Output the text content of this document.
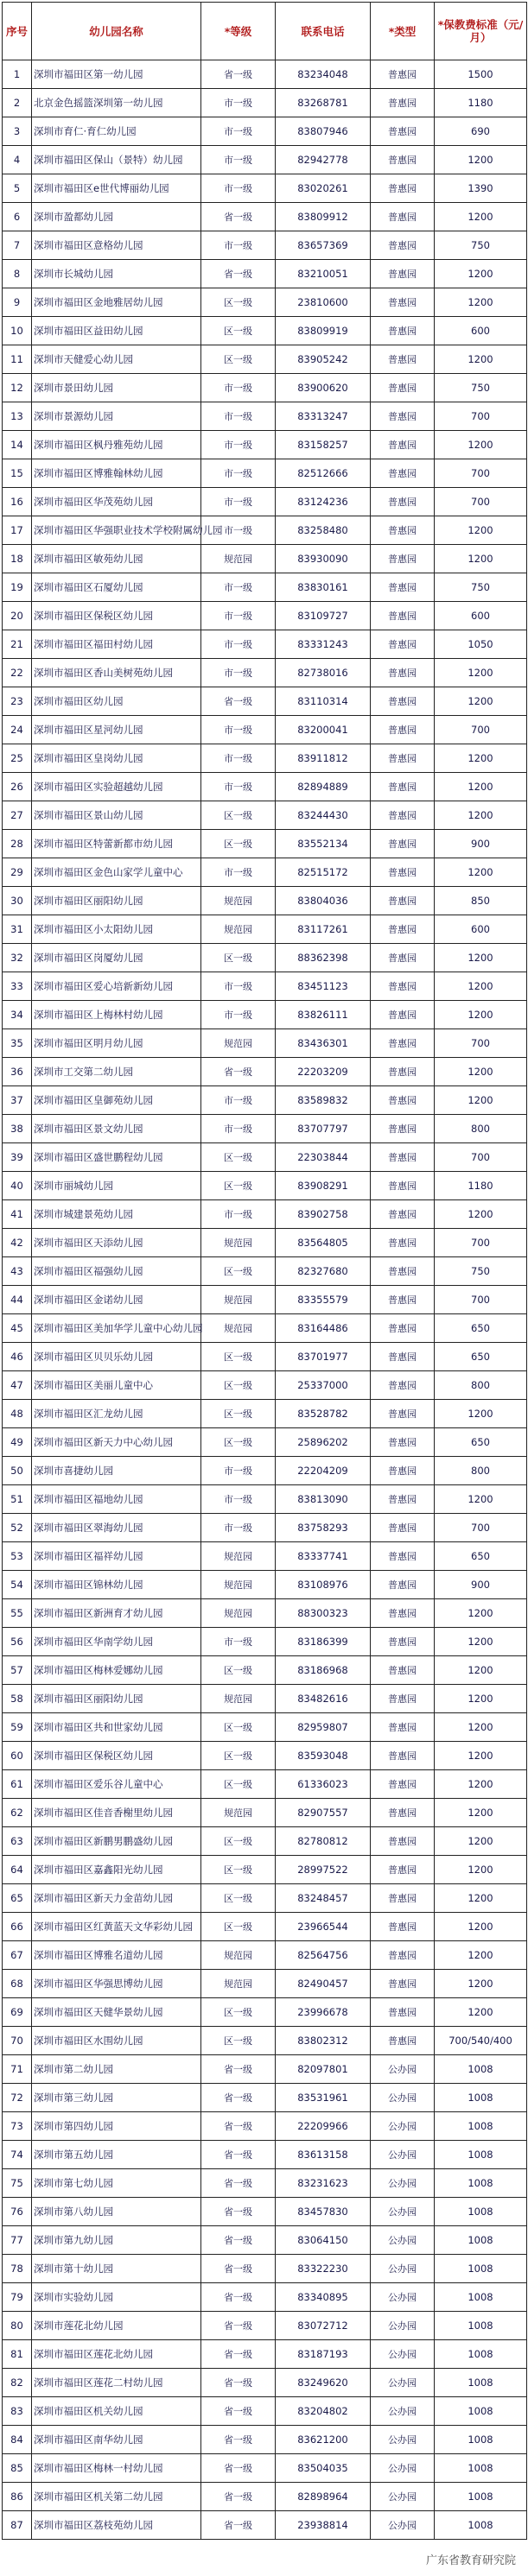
序号	幼儿园名称	*等级	联系电话	*类型	*保教费标准（元/月）
1	深圳市福田区第一幼儿园	省一级	83234048	普惠园	1500
2	北京金色摇篮深圳第一幼儿园	市一级	83268781	普惠园	1180
3	深圳市育仁·育仁幼儿园	市一级	83807946	普惠园	690
4	深圳市福田区保山（景特）幼儿园	市一级	82942778	普惠园	1200
5	深圳市福田区e世代博丽幼儿园	市一级	83020261	普惠园	1390
6	深圳市盈都幼儿园	省一级	83809912	普惠园	1200
7	深圳市福田区意格幼儿园	市一级	83657369	普惠园	750
8	深圳市长城幼儿园	省一级	83210051	普惠园	1200
9	深圳市福田区金地雅居幼儿园	区一级	23810600	普惠园	1200
10	深圳市福田区益田幼儿园	区一级	83809919	普惠园	600
11	深圳市天健爱心幼儿园	区一级	83905242	普惠园	1200
12	深圳市景田幼儿园	市一级	83900620	普惠园	750
13	深圳市景源幼儿园	市一级	83313247	普惠园	700
14	深圳市福田区枫丹雅苑幼儿园	市一级	83158257	普惠园	1200
15	深圳市福田区博雅翰林幼儿园	市一级	82512666	普惠园	700
16	深圳市福田区华茂苑幼儿园	市一级	83124236	普惠园	700
17	深圳市福田区华强职业技术学校附属幼儿园	市一级	83258480	普惠园	1200
18	深圳市福田区敏苑幼儿园	规范园	83930090	普惠园	1200
19	深圳市福田区石厦幼儿园	市一级	83830161	普惠园	750
20	深圳市福田区保税区幼儿园	市一级	83109727	普惠园	600
21	深圳市福田区福田村幼儿园	市一级	83331243	普惠园	1050
22	深圳市福田区香山美树苑幼儿园	市一级	82738016	普惠园	1200
23	深圳市福田区幼儿园	省一级	83110314	普惠园	1200
24	深圳市福田区星河幼儿园	市一级	83200041	普惠园	700
25	深圳市福田区皇岗幼儿园	市一级	83911812	普惠园	1200
26	深圳市福田区实验超越幼儿园	市一级	82894889	普惠园	1200
27	深圳市福田区景山幼儿园	区一级	83244430	普惠园	1200
28	深圳市福田区特蕾新都市幼儿园	区一级	83552134	普惠园	900
29	深圳市福田区金色山家学儿童中心	市一级	82515172	普惠园	1200
30	深圳市福田区丽阳幼儿园	规范园	83804036	普惠园	850
31	深圳市福田区小太阳幼儿园	规范园	83117261	普惠园	600
32	深圳市福田区岗厦幼儿园	区一级	88362398	普惠园	1200
33	深圳市福田区爱心培新新幼儿园	市一级	83451123	普惠园	1200
34	深圳市福田区上梅林村幼儿园	市一级	83826111	普惠园	1200
35	深圳市福田区明月幼儿园	规范园	83436301	普惠园	700
36	深圳市工交第二幼儿园	省一级	22203209	普惠园	1200
37	深圳市福田区皇御苑幼儿园	市一级	83589832	普惠园	1200
38	深圳市福田区景文幼儿园	市一级	83707797	普惠园	800
39	深圳市福田区盛世鹏程幼儿园	区一级	22303844	普惠园	700
40	深圳市丽城幼儿园	区一级	83908291	普惠园	1180
41	深圳市城建景苑幼儿园	市一级	83902758	普惠园	1200
42	深圳市福田区天添幼儿园	规范园	83564805	普惠园	700
43	深圳市福田区福强幼儿园	区一级	82327680	普惠园	750
44	深圳市福田区金诺幼儿园	规范园	83355579	普惠园	700
45	深圳市福田区美加华学儿童中心幼儿园	规范园	83164486	普惠园	650
46	深圳市福田区贝贝乐幼儿园	区一级	83701977	普惠园	650
47	深圳市福田区美丽儿童中心	区一级	25337000	普惠园	800
48	深圳市福田区汇龙幼儿园	区一级	83528782	普惠园	1200
49	深圳市福田区新天力中心幼儿园	区一级	25896202	普惠园	650
50	深圳市喜捷幼儿园	市一级	22204209	普惠园	800
51	深圳市福田区福地幼儿园	市一级	83813090	普惠园	1200
52	深圳市福田区翠海幼儿园	市一级	83758293	普惠园	700
53	深圳市福田区福祥幼儿园	规范园	83337741	普惠园	650
54	深圳市福田区锦林幼儿园	规范园	83108976	普惠园	900
55	深圳市福田区新洲育才幼儿园	规范园	88300323	普惠园	1200
56	深圳市福田区华南学幼儿园	市一级	83186399	普惠园	1200
57	深圳市福田区梅林爱娜幼儿园	区一级	83186968	普惠园	1200
58	深圳市福田区丽阳幼儿园	规范园	83482616	普惠园	1200
59	深圳市福田区共和世家幼儿园	区一级	82959807	普惠园	1200
60	深圳市福田区保税区幼儿园	区一级	83593048	普惠园	1200
61	深圳市福田区爱乐谷儿童中心	区一级	61336023	普惠园	1200
62	深圳市福田区佳音香榭里幼儿园	规范园	82907557	普惠园	1200
63	深圳市福田区新鹏男鹏盛幼儿园	区一级	82780812	普惠园	1200
64	深圳市福田区嘉鑫阳光幼儿园	区一级	28997522	普惠园	1200
65	深圳市福田区新天力金苗幼儿园	区一级	83248457	普惠园	1200
66	深圳市福田区红黄蓝天文华彩幼儿园	区一级	23966544	普惠园	1200
67	深圳市福田区博雅名道幼儿园	规范园	82564756	普惠园	1200
68	深圳市福田区华强思博幼儿园	规范园	82490457	普惠园	1200
69	深圳市福田区天健华景幼儿园	区一级	23996678	普惠园	1200
70	深圳市福田区水围幼儿园	区一级	83802312	普惠园	700/540/400
71	深圳市第二幼儿园	省一级	82097801	公办园	1008
72	深圳市第三幼儿园	省一级	83531961	公办园	1008
73	深圳市第四幼儿园	省一级	22209966	公办园	1008
74	深圳市第五幼儿园	省一级	83613158	公办园	1008
75	深圳市第七幼儿园	省一级	83231623	公办园	1008
76	深圳市第八幼儿园	省一级	83457830	公办园	1008
77	深圳市第九幼儿园	省一级	83064150	公办园	1008
78	深圳市第十幼儿园	省一级	83322230	公办园	1008
79	深圳市实验幼儿园	省一级	83340895	公办园	1008
80	深圳市莲花北幼儿园	省一级	83072712	公办园	1008
81	深圳市福田区莲花北幼儿园	省一级	83187193	公办园	1008
82	深圳市福田区莲花二村幼儿园	省一级	83249620	公办园	1008
83	深圳市福田区机关幼儿园	省一级	83204802	公办园	1008
84	深圳市福田区南华幼儿园	省一级	83621200	公办园	1008
85	深圳市福田区梅林一村幼儿园	省一级	83504035	公办园	1008
86	深圳市福田区机关第二幼儿园	省一级	82898964	公办园	1008
87	深圳市福田区荔枝苑幼儿园	省一级	23938814	公办园	1008
广东省教育研究院
